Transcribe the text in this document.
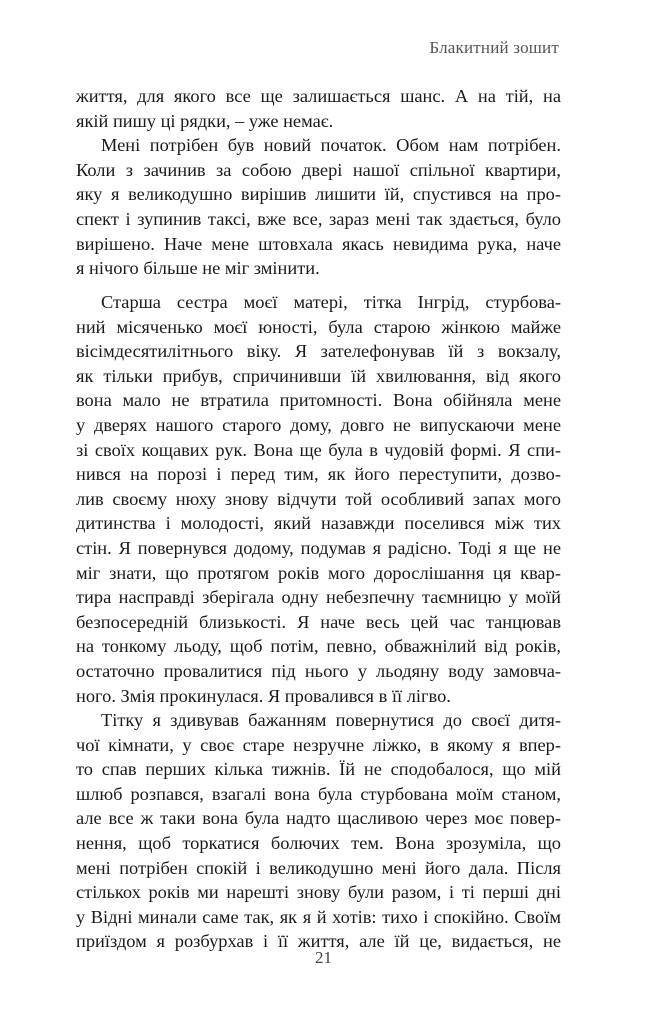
Блакитний зошит
життя, для якого все ще залишається шанс. А на тій, на
якій пишу ці рядки, – уже немає.
Мені потрібен був новий початок. Обом нам потрібен.
Коли з зачинив за собою двері нашої спільної квартири,
яку я великодушно вирішив лишити їй, спустився на про-
спект і зупинив таксі, вже все, зараз мені так здається, було
вирішено. Наче мене штовхала якась невидима рука, наче
я нічого більше не міг змінити.
Старша сестра моєї матері, тітка Інгрід, стурбова-
ний місяченько моєї юності, була старою жінкою майже
вісімдесятилітнього віку. Я зателефонував їй з вокзалу,
як тільки прибув, спричинивши їй хвилювання, від якого
вона мало не втратила притомності. Вона обійняла мене
у дверях нашого старого дому, довго не випускаючи мене
зі своїх кощавих рук. Вона ще була в чудовій формі. Я спи-
нився на порозі і перед тим, як його переступити, дозво-
лив своєму нюху знову відчути той особливий запах мого
дитинства і молодості, який назавжди поселився між тих
стін. Я повернувся додому, подумав я радісно. Тоді я ще не
міг знати, що протягом років мого дорослішання ця квар-
тира насправді зберігала одну небезпечну таємницю у моїй
безпосередній близькості. Я наче весь цей час танцював
на тонкому льоду, щоб потім, певно, обважнілий від років,
остаточно провалитися під нього у льодяну воду замовча-
ного. Змія прокинулася. Я провалився в її лігво.
Тітку я здивував бажанням повернутися до своєї дитя-
чої кімнати, у своє старе незручне ліжко, в якому я впер-
то спав перших кілька тижнів. Їй не сподобалося, що мій
шлюб розпався, взагалі вона була стурбована моїм станом,
але все ж таки вона була надто щасливою через моє повер-
нення, щоб торкатися болючих тем. Вона зрозуміла, що
мені потрібен спокій і великодушно мені його дала. Після
стількох років ми нарешті знову були разом, і ті перші дні
у Відні минали саме так, як я й хотів: тихо і спокійно. Своїм
приїздом я розбурхав і її життя, але їй це, видається, не
21
